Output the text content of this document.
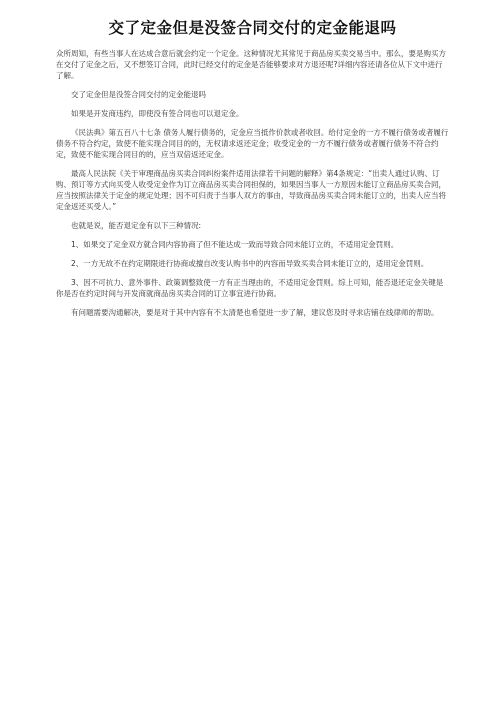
交了定金但是没签合同交付的定金能退吗

众所周知，有些当事人在达成合意后就会约定一个定金。这种情况尤其常见于商品房买卖交易当中。那么，要是购买方在交付了定金之后，又不想签订合同，此时已经交付的定金是否能够要求对方退还呢?详细内容还请各位从下文中进行了解。

交了定金但是没签合同交付的定金能退吗

如果是开发商违约，即使没有签合同也可以退定金。

《民法典》第五百八十七条 债务人履行债务的，定金应当抵作价款或者收回。给付定金的一方不履行债务或者履行债务不符合约定，致使不能实现合同目的的，无权请求返还定金；收受定金的一方不履行债务或者履行债务不符合约定，致使不能实现合同目的的，应当双倍返还定金。

最高人民法院《关于审理商品房买卖合同纠纷案件适用法律若干问题的解释》第4条规定：“出卖人通过认购、订购、预订等方式向买受人收受定金作为订立商品房买卖合同担保的，如果因当事人一方原因未能订立商品房买卖合同，应当按照法律关于定金的规定处理；因不可归责于当事人双方的事由，导致商品房买卖合同未能订立的，出卖人应当将定金返还买受人。”

也就是说，能否退定金有以下三种情况:

1、如果交了定金双方就合同内容协商了但不能达成一致而导致合同未能订立的，不适用定金罚则。

2、一方无故不在约定期限进行协商或擅自改变认购书中的内容而导致买卖合同未能订立的，适用定金罚则。

3、因不可抗力、意外事件、政策调整致使一方有正当理由的，不适用定金罚则。综上可知，能否退还定金关键是你是否在约定时间与开发商就商品房买卖合同的订立事宜进行协商。

有问题需要沟通解决，要是对于其中内容有不太清楚也希望进一步了解，建议您及时寻求店铺在线律师的帮助。
